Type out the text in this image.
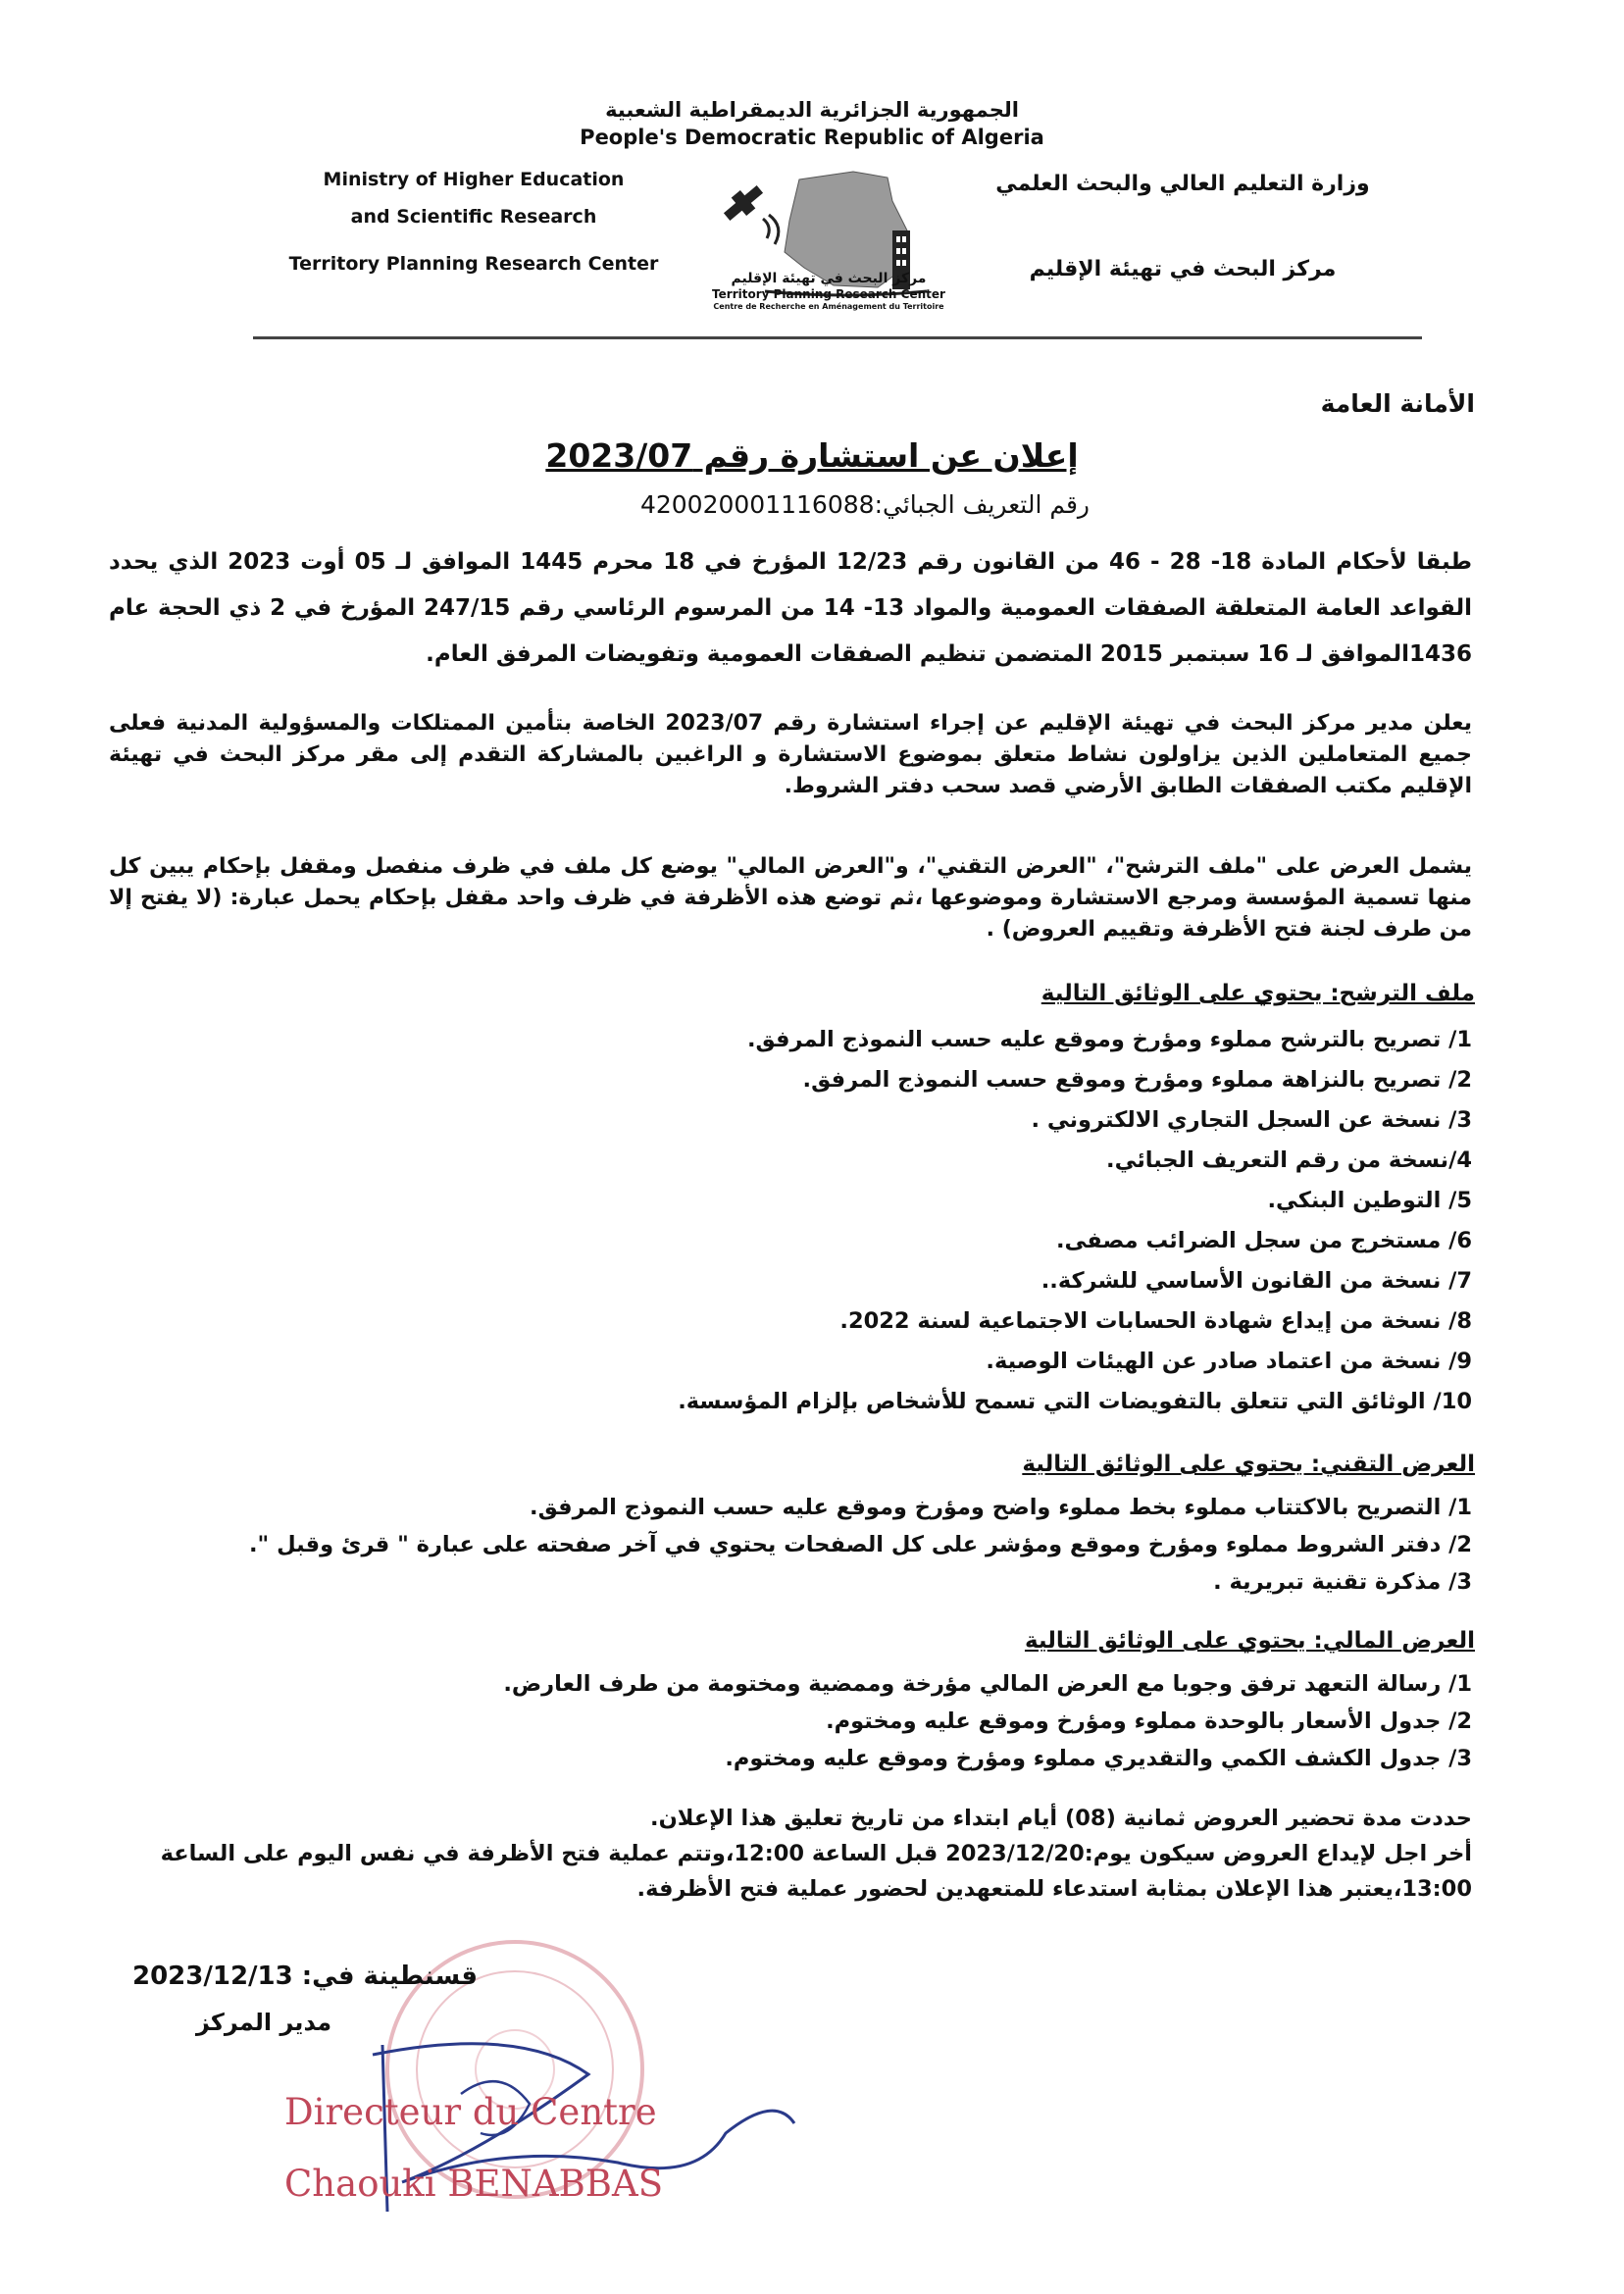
الجمهورية الجزائرية الديمقراطية الشعبية
People's Democratic Republic of Algeria
Ministry of Higher Education
and Scientific Research
Territory Planning Research Center
وزارة التعليم العالي والبحث العلمي
مركز البحث في تهيئة الإقليم
مركز البحث في تهيئة الإقليم
Territory Planning Research Center
Centre de Recherche en Aménagement du Territoire
الأمانة العامة
إعلان عن استشارة رقم 2023/07
رقم التعريف الجبائي:420020001116088
طبقا لأحكام المادة 18- 28 - 46 من القانون رقم 12/23 المؤرخ في 18 محرم 1445 الموافق لـ 05 أوت 2023 الذي يحدد القواعد العامة المتعلقة الصفقات العمومية والمواد 13- 14 من المرسوم الرئاسي رقم 247/15 المؤرخ في 2 ذي الحجة عام 1436الموافق لـ 16 سبتمبر 2015 المتضمن تنظيم الصفقات العمومية وتفويضات المرفق العام.
يعلن مدير مركز البحث في تهيئة الإقليم عن إجراء استشارة رقم 2023/07 الخاصة بتأمين الممتلكات والمسؤولية المدنية فعلى جميع المتعاملين الذين يزاولون نشاط متعلق بموضوع الاستشارة و الراغبين بالمشاركة التقدم إلى مقر مركز البحث في تهيئة الإقليم مكتب الصفقات الطابق الأرضي قصد سحب دفتر الشروط.
يشمل العرض على "ملف الترشح"، "العرض التقني"، و"العرض المالي" يوضع كل ملف في ظرف منفصل ومقفل بإحكام يبين كل منها تسمية المؤسسة ومرجع الاستشارة وموضوعها ،ثم توضع هذه الأظرفة في ظرف واحد مقفل بإحكام يحمل عبارة: (لا يفتح إلا من طرف لجنة فتح الأظرفة وتقييم العروض) .
ملف الترشح: يحتوي على الوثائق التالية
1/ تصريح بالترشح مملوء ومؤرخ وموقع عليه حسب النموذج المرفق.
2/ تصريح بالنزاهة مملوء ومؤرخ وموقع حسب النموذج المرفق.
3/ نسخة عن السجل التجاري الالكتروني .
4/نسخة من رقم التعريف الجبائي.
5/ التوطين البنكي.
6/ مستخرج من سجل الضرائب مصفى.
7/ نسخة من القانون الأساسي للشركة..
8/ نسخة من إيداع شهادة الحسابات الاجتماعية لسنة 2022.
9/ نسخة من اعتماد صادر عن الهيئات الوصية.
10/ الوثائق التي تتعلق بالتفويضات التي تسمح للأشخاص بإلزام المؤسسة.
العرض التقني: يحتوي على الوثائق التالية
1/ التصريح بالاكتتاب مملوء بخط مملوء واضح ومؤرخ وموقع عليه حسب النموذج المرفق.
2/ دفتر الشروط مملوء ومؤرخ وموقع ومؤشر على كل الصفحات يحتوي في آخر صفحته على عبارة " قرئ وقبل ".
3/ مذكرة تقنية تبريرية .
العرض المالي: يحتوي على الوثائق التالية
1/ رسالة التعهد ترفق وجوبا مع العرض المالي مؤرخة وممضية ومختومة من طرف العارض.
2/ جدول الأسعار بالوحدة مملوء ومؤرخ وموقع عليه ومختوم.
3/ جدول الكشف الكمي والتقديري مملوء ومؤرخ وموقع عليه ومختوم.
حددت مدة تحضير العروض ثمانية (08) أيام ابتداء من تاريخ تعليق هذا الإعلان.
أخر اجل لإيداع العروض سيكون يوم:2023/12/20 قبل الساعة 12:00،وتتم عملية فتح الأظرفة في نفس اليوم على الساعة 13:00،يعتبر هذا الإعلان بمثابة استدعاء للمتعهدين لحضور عملية فتح الأظرفة.
قسنطينة في: 2023/12/13
مدير المركز
Directeur du Centre
Chaouki BENABBAS
